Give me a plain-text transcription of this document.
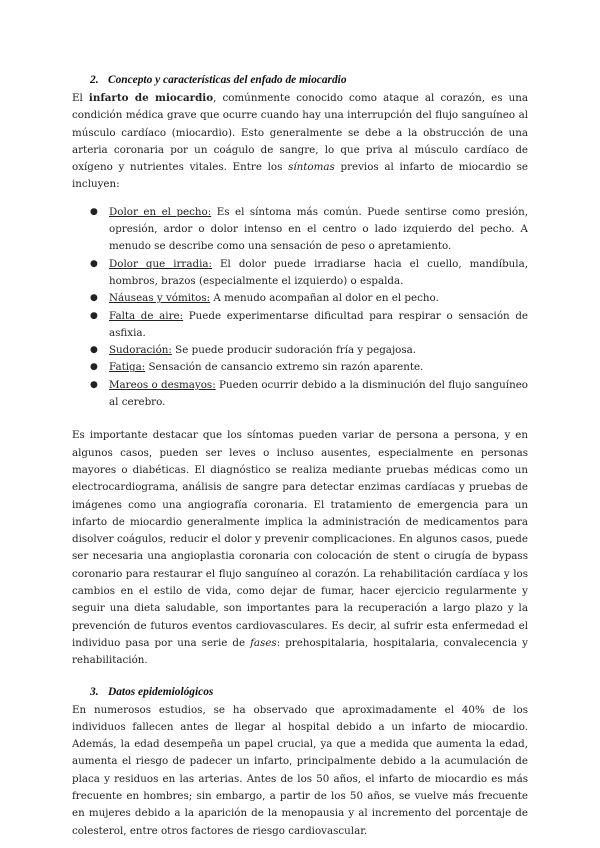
2. Concepto y características del enfado de miocardio

El infarto de miocardio, comúnmente conocido como ataque al corazón, es una condición médica grave que ocurre cuando hay una interrupción del flujo sanguíneo al músculo cardíaco (miocardio). Esto generalmente se debe a la obstrucción de una arteria coronaria por un coágulo de sangre, lo que priva al músculo cardíaco de oxígeno y nutrientes vitales. Entre los síntomas previos al infarto de miocardio se incluyen:

● Dolor en el pecho: Es el síntoma más común. Puede sentirse como presión, opresión, ardor o dolor intenso en el centro o lado izquierdo del pecho. A menudo se describe como una sensación de peso o apretamiento.
● Dolor que irradia: El dolor puede irradiarse hacia el cuello, mandíbula, hombros, brazos (especialmente el izquierdo) o espalda.
● Náuseas y vómitos: A menudo acompañan al dolor en el pecho.
● Falta de aire: Puede experimentarse dificultad para respirar o sensación de asfixia.
● Sudoración: Se puede producir sudoración fría y pegajosa.
● Fatiga: Sensación de cansancio extremo sin razón aparente.
● Mareos o desmayos: Pueden ocurrir debido a la disminución del flujo sanguíneo al cerebro.

Es importante destacar que los síntomas pueden variar de persona a persona, y en algunos casos, pueden ser leves o incluso ausentes, especialmente en personas mayores o diabéticas. El diagnóstico se realiza mediante pruebas médicas como un electrocardiograma, análisis de sangre para detectar enzimas cardíacas y pruebas de imágenes como una angiografía coronaria. El tratamiento de emergencia para un infarto de miocardio generalmente implica la administración de medicamentos para disolver coágulos, reducir el dolor y prevenir complicaciones. En algunos casos, puede ser necesaria una angioplastia coronaria con colocación de stent o cirugía de bypass coronario para restaurar el flujo sanguíneo al corazón. La rehabilitación cardíaca y los cambios en el estilo de vida, como dejar de fumar, hacer ejercicio regularmente y seguir una dieta saludable, son importantes para la recuperación a largo plazo y la prevención de futuros eventos cardiovasculares. Es decir, al sufrir esta enfermedad el individuo pasa por una serie de fases: prehospitalaria, hospitalaria, convalecencia y rehabilitación.

3. Datos epidemiológicos

En numerosos estudios, se ha observado que aproximadamente el 40% de los individuos fallecen antes de llegar al hospital debido a un infarto de miocardio. Además, la edad desempeña un papel crucial, ya que a medida que aumenta la edad, aumenta el riesgo de padecer un infarto, principalmente debido a la acumulación de placa y residuos en las arterias. Antes de los 50 años, el infarto de miocardio es más frecuente en hombres; sin embargo, a partir de los 50 años, se vuelve más frecuente en mujeres debido a la aparición de la menopausia y al incremento del porcentaje de colesterol, entre otros factores de riesgo cardiovascular.
